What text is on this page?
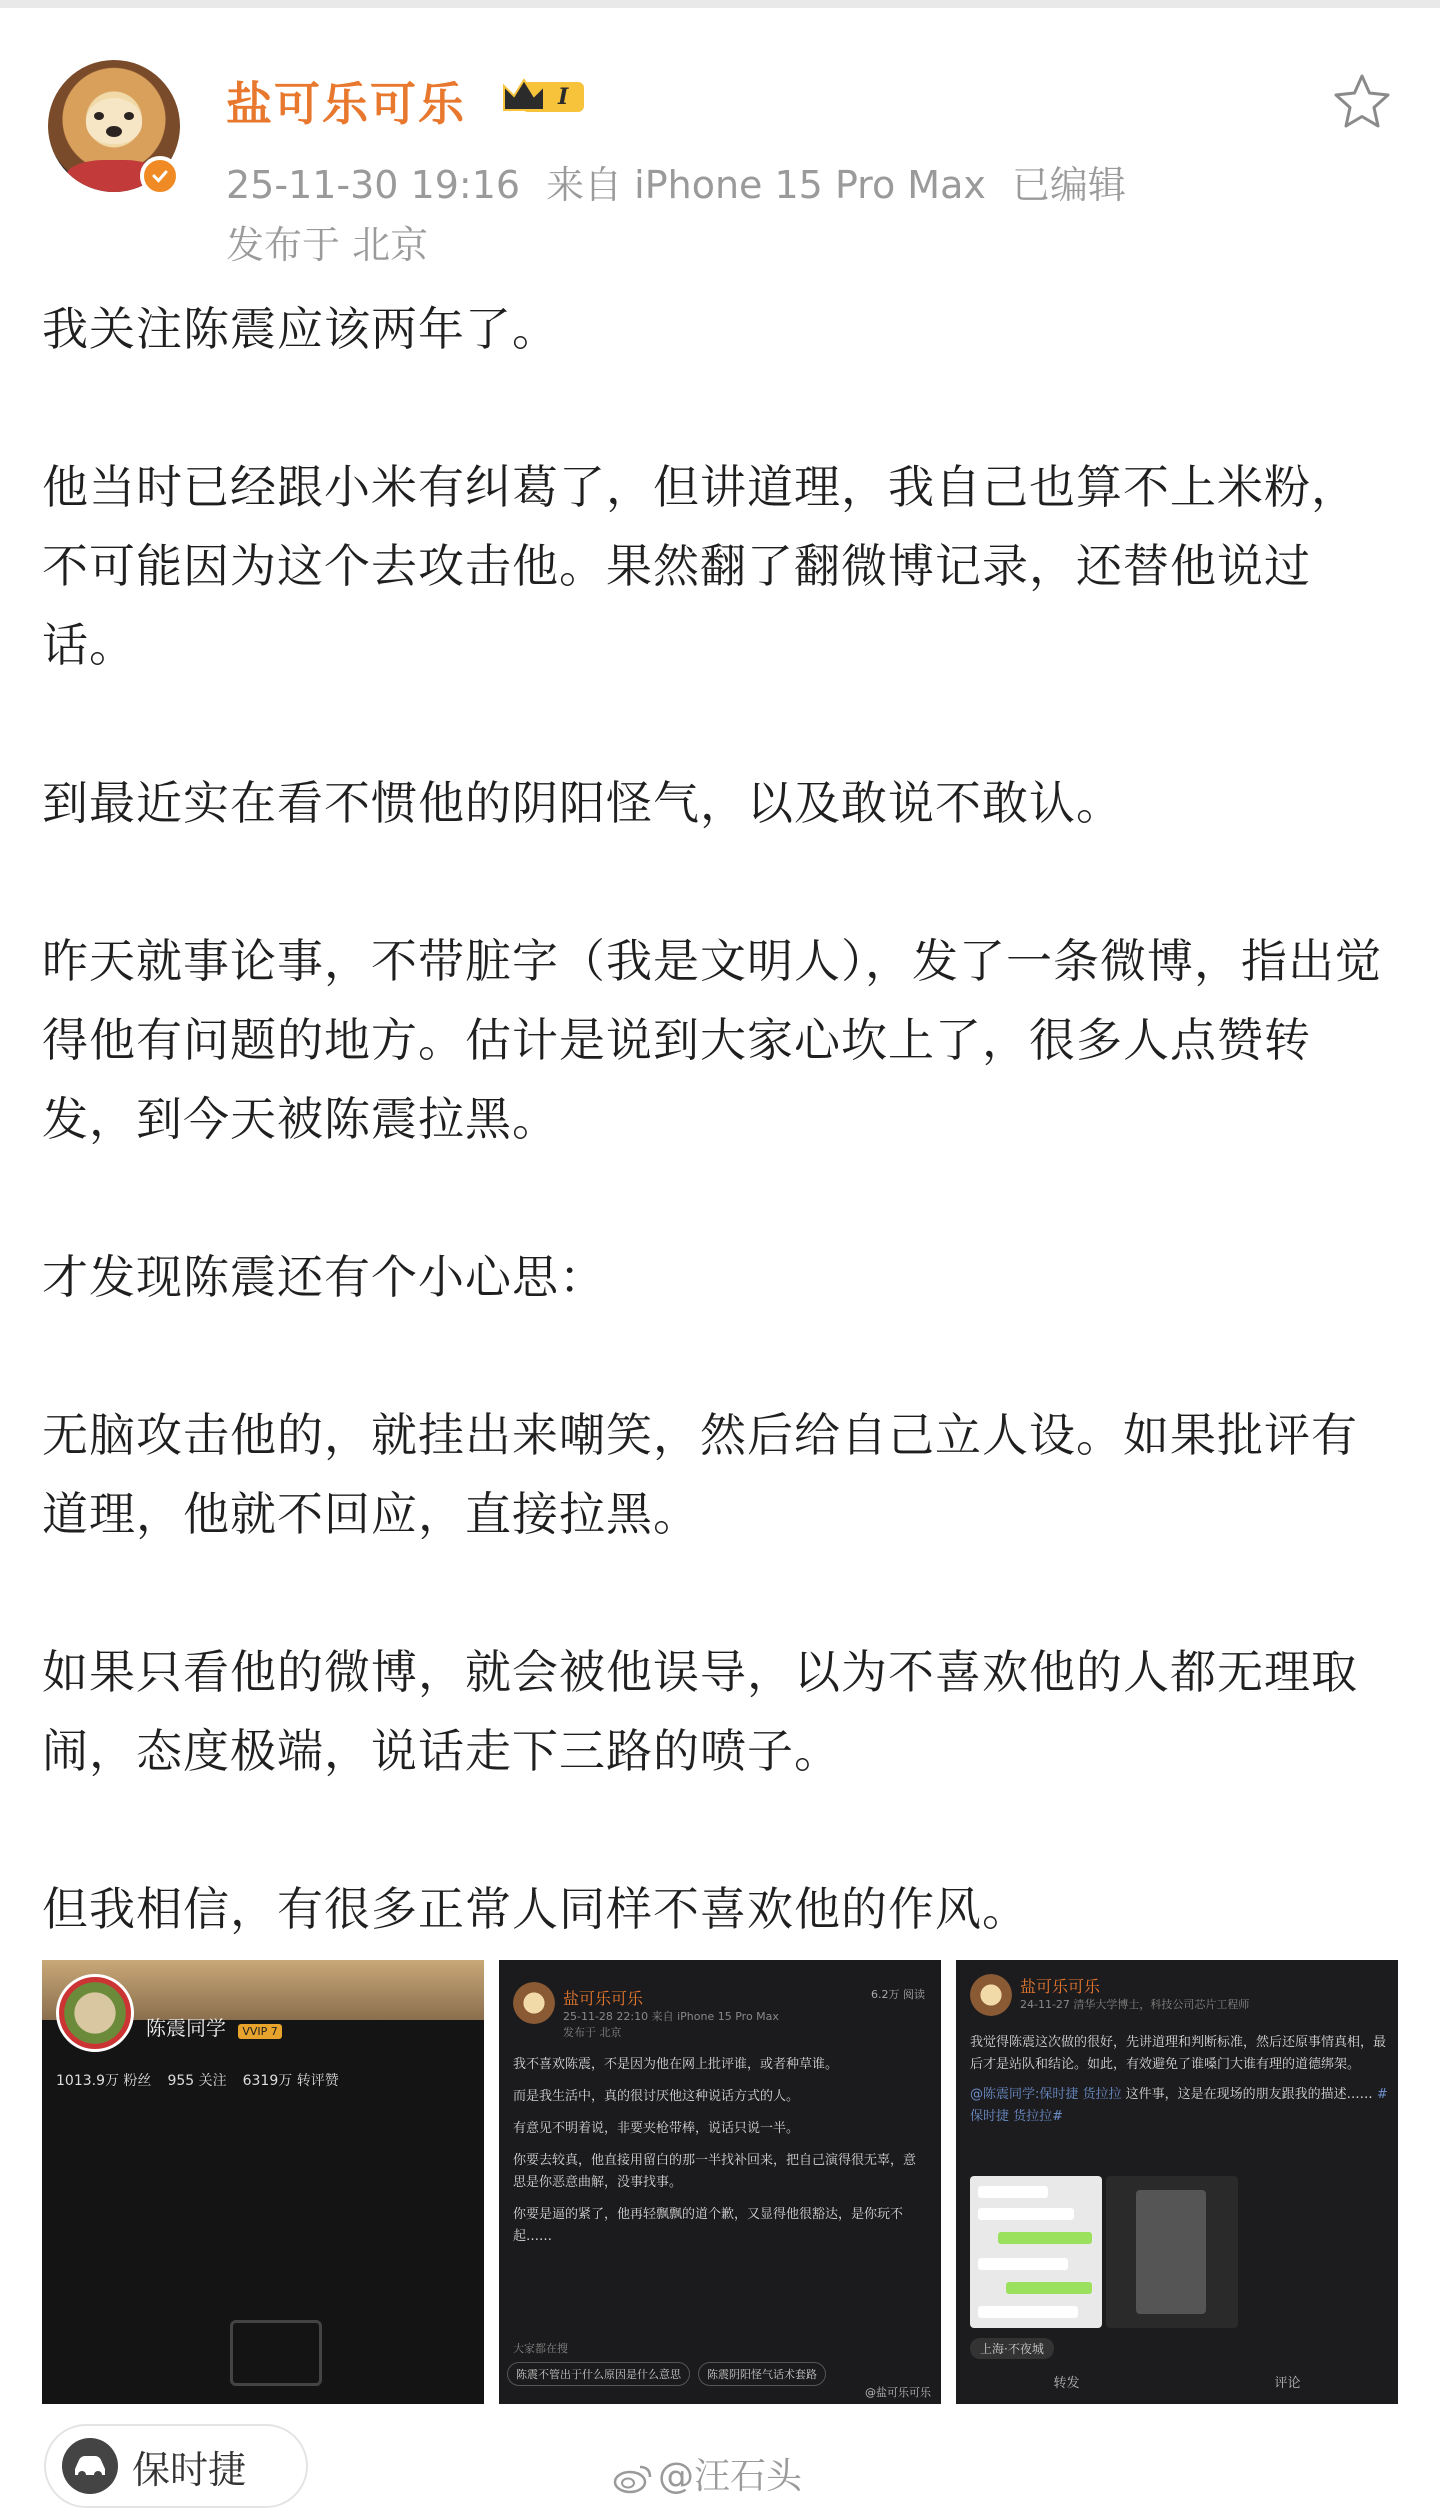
盐可乐可乐	I
25-11-30 19:16 来自 iPhone 15 Pro Max 已编辑
发布于 北京

我关注陈震应该两年了。

他当时已经跟小米有纠葛了，但讲道理，我自己也算不上米粉，不可能因为这个去攻击他。果然翻了翻微博记录，还替他说过话。

到最近实在看不惯他的阴阳怪气，以及敢说不敢认。

昨天就事论事，不带脏字（我是文明人），发了一条微博，指出觉得他有问题的地方。估计是说到大家心坎上了，很多人点赞转发，到今天被陈震拉黑。

才发现陈震还有个小心思：

无脑攻击他的，就挂出来嘲笑，然后给自己立人设。如果批评有道理，他就不回应，直接拉黑。

如果只看他的微博，就会被他误导，以为不喜欢他的人都无理取闹，态度极端，说话走下三路的喷子。

但我相信，有很多正常人同样不喜欢他的作风。

陈震同学 VVIP 7
1013.9万 粉丝 955 关注 6319万 转评赞
盐可乐可乐
25-11-28 22:10 来自 iPhone 15 Pro Max
发布于 北京
6.2万 阅读

我不喜欢陈震，不是因为他在网上批评谁，或者种草谁。

而是我生活中，真的很讨厌他这种说话方式的人。

有意见不明着说，非要夹枪带棒，说话只说一半。

你要去较真，他直接用留白的那一半找补回来，把自己演得很无辜，意思是你恶意曲解，没事找事。

你要是逼的紧了，他再轻飘飘的道个歉，又显得他很豁达，是你玩不起……

大家都在搜
陈震不管出于什么原因是什么意思 陈震阴阳怪气话术套路
@盐可乐可乐
盐可乐可乐
24-11-27 清华大学博士，科技公司芯片工程师

我觉得陈震这次做的很好，先讲道理和判断标准，然后还原事情真相，最后才是站队和结论。如此，有效避免了谁嗓门大谁有理的道德绑架。

@陈震同学:保时捷 货拉拉 这件事，这是在现场的朋友跟我的描述…… #保时捷 货拉拉#

上海·不夜城
转发	评论
保时捷	@汪石头
